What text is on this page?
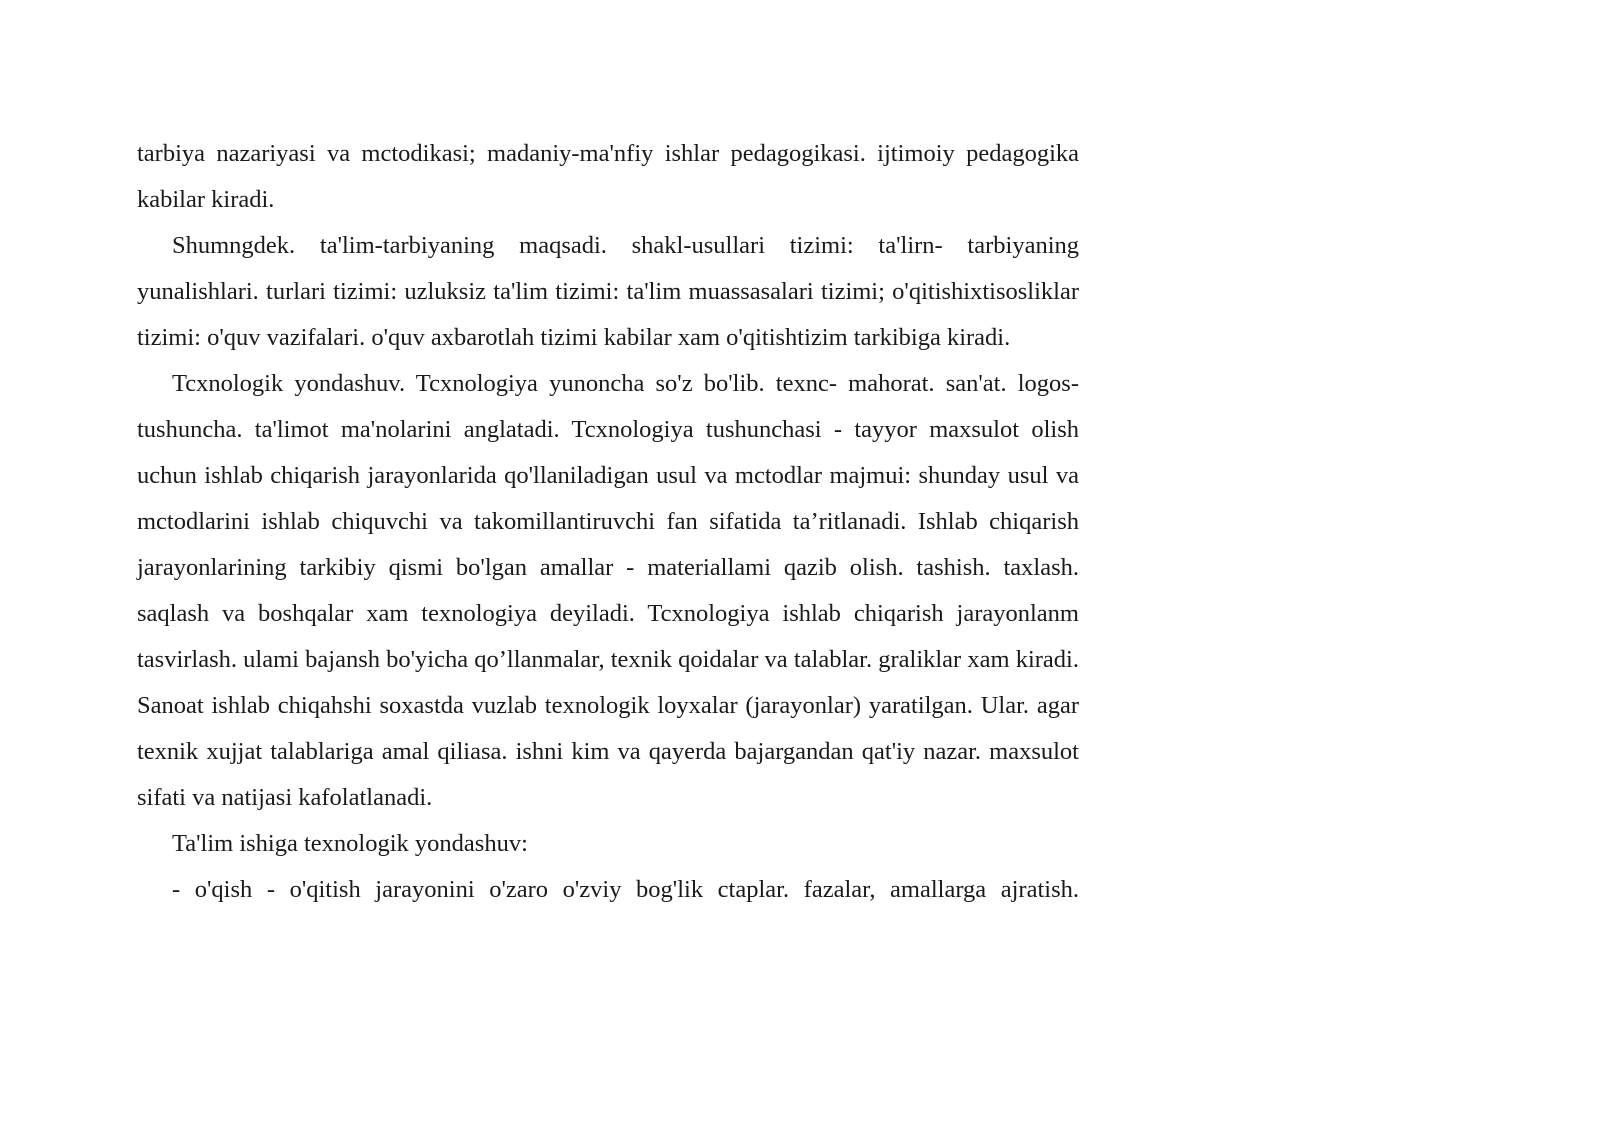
tarbiya nazariyasi va mctodikasi; madaniy-ma'nfiy ishlar pedagogikasi. ijtimoiy pedagogika kabilar kiradi.

Shumngdek. ta'lim-tarbiyaning maqsadi. shakl-usullari tizimi: ta'lirn- tarbiyaning yunalishlari. turlari tizimi: uzluksiz ta'lim tizimi: ta'lim muassasalari tizimi; o'qitishixtisosliklar tizimi: o'quv vazifalari. o'quv axbarotlah tizimi kabilar xam o'qitishtizim tarkibiga kiradi.

Tcxnologik yondashuv. Tcxnologiya yunoncha so'z bo'lib. texnc- mahorat. san'at. logos-tushuncha. ta'limot ma'nolarini anglatadi. Tcxnologiya tushunchasi - tayyor maxsulot olish uchun ishlab chiqarish jarayonlarida qo'llaniladigan usul va mctodlar majmui: shunday usul va mctodlarini ishlab chiquvchi va takomillantiruvchi fan sifatida ta’ritlanadi. Ishlab chiqarish jarayonlarining tarkibiy qismi bo'lgan amallar - materiallami qazib olish. tashish. taxlash. saqlash va boshqalar xam texnologiya deyiladi. Tcxnologiya ishlab chiqarish jarayonlanm tasvirlash. ulami bajansh bo'yicha qo’llanmalar, texnik qoidalar va talablar. graliklar xam kiradi. Sanoat ishlab chiqahshi soxastda vuzlab texnologik loyxalar (jarayonlar) yaratilgan. Ular. agar texnik xujjat talablariga amal qiliasa. ishni kim va qayerda bajargandan qat'iy nazar. maxsulot sifati va natijasi kafolatlanadi.

Ta'lim ishiga texnologik yondashuv:

- o'qish - o'qitish jarayonini o'zaro o'zviy bog'lik ctaplar. fazalar, amallarga ajratish.
